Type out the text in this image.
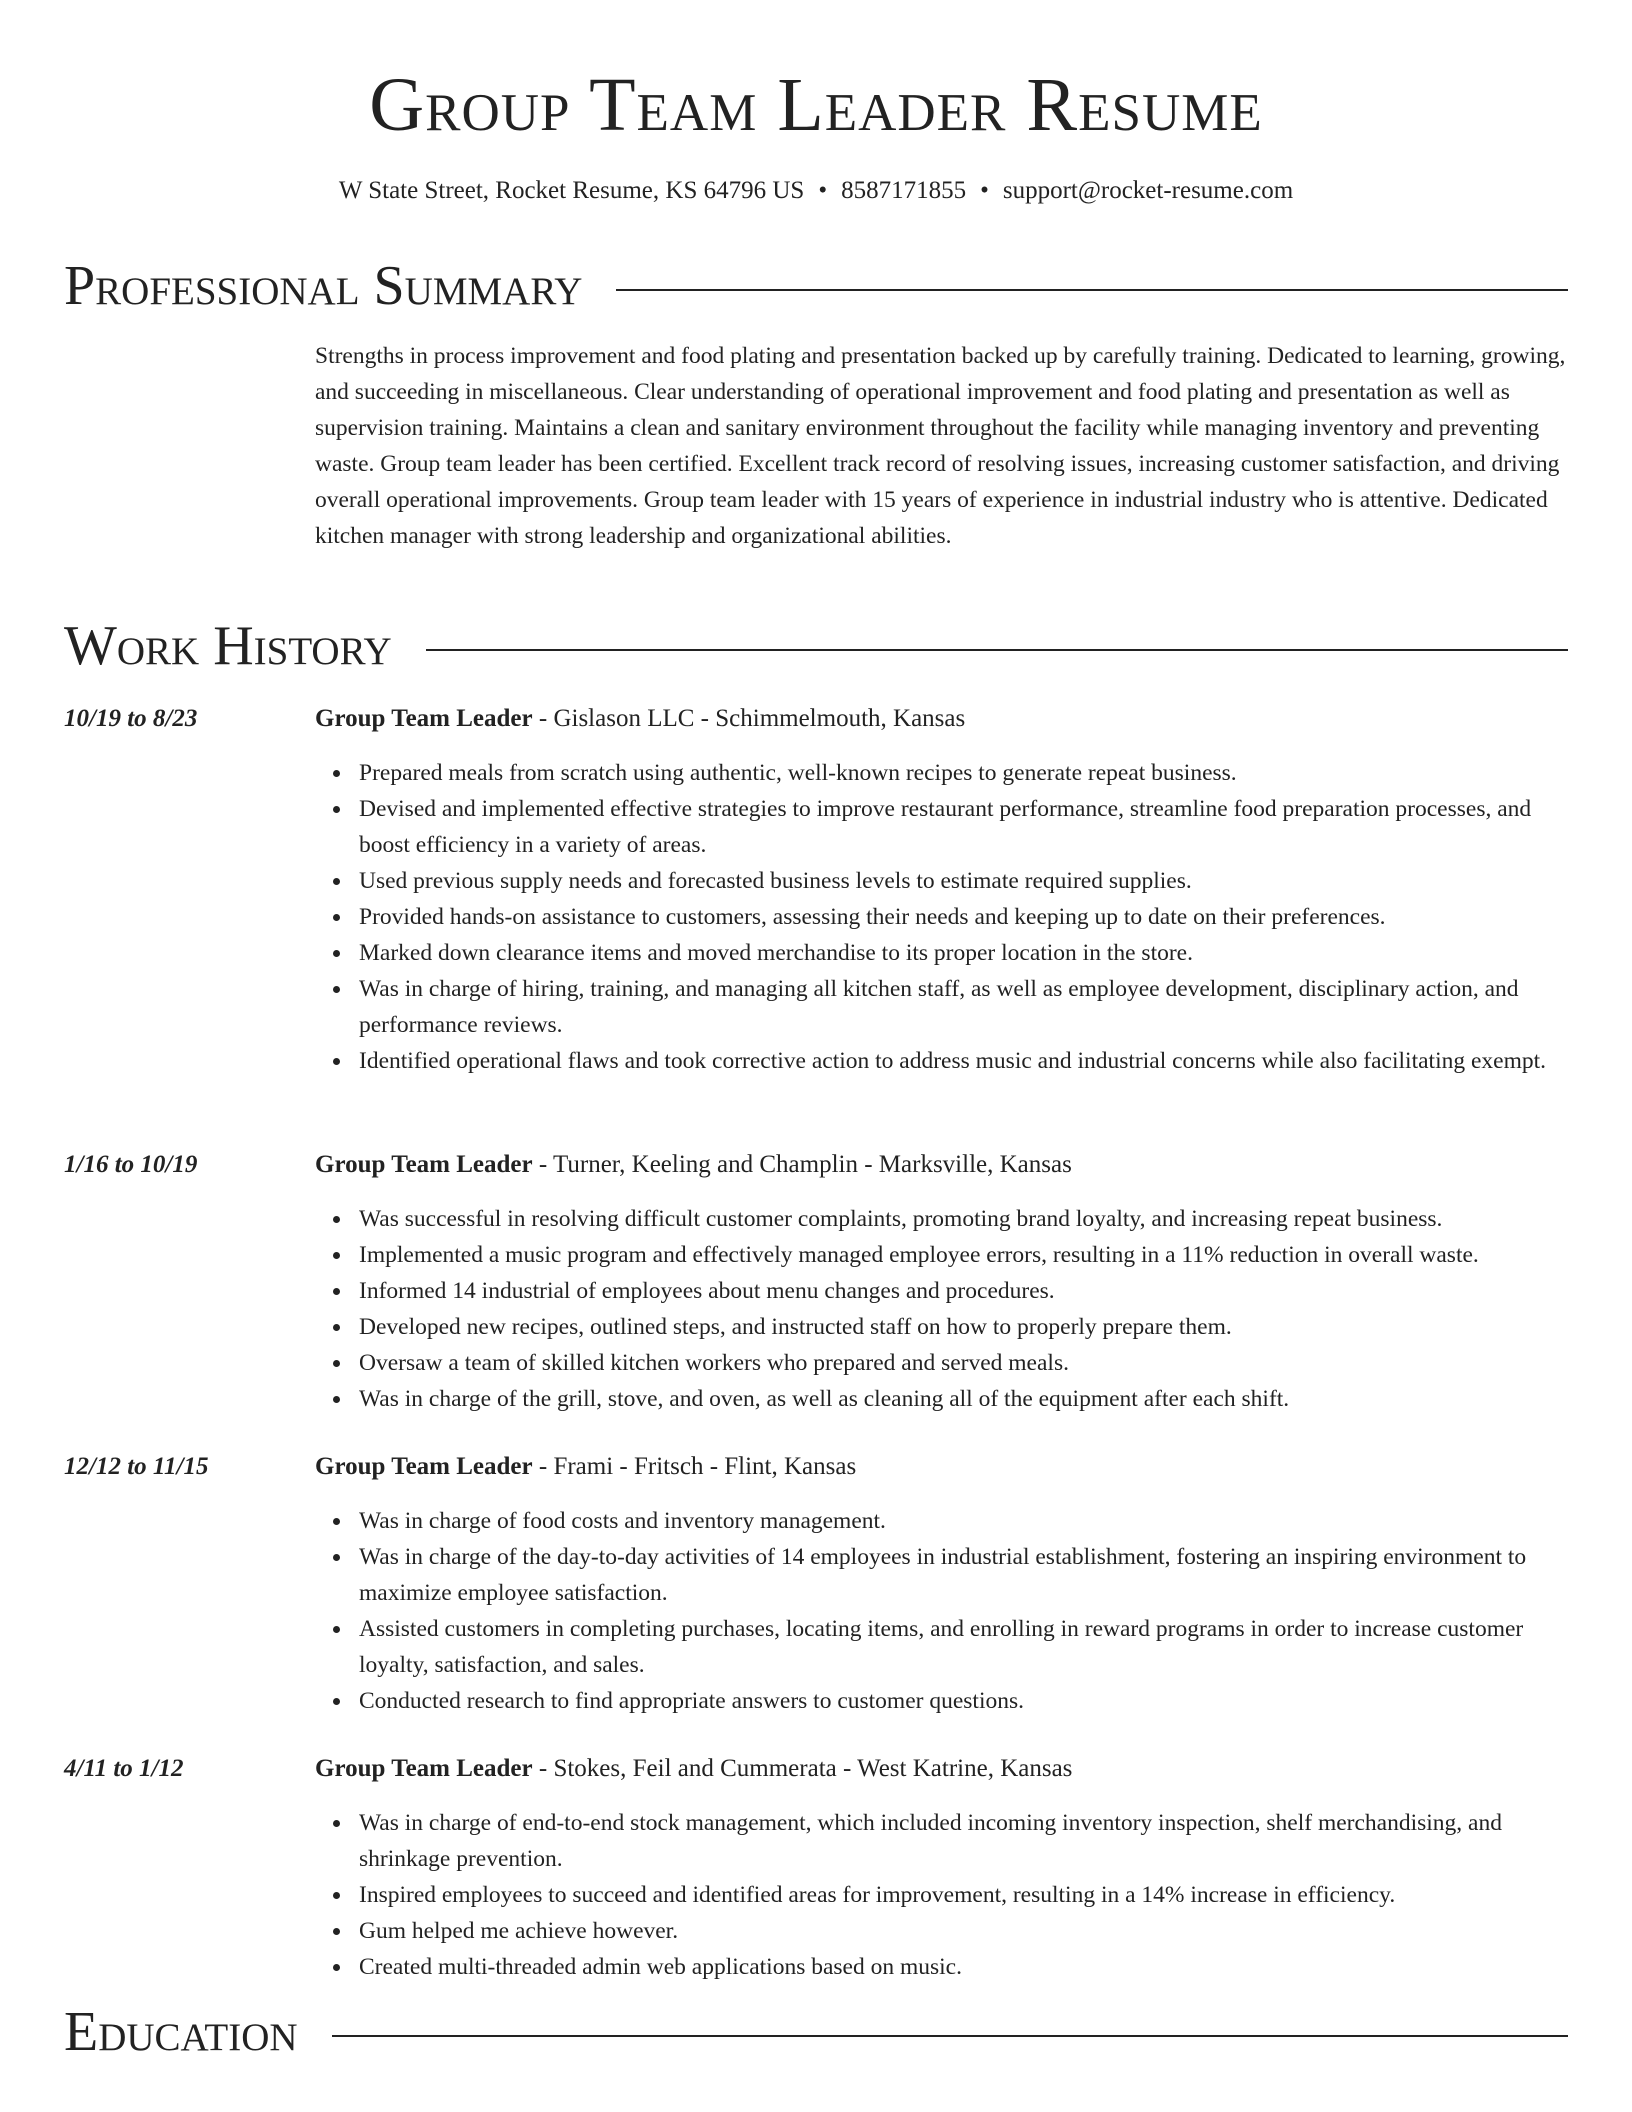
Group Team Leader Resume
W State Street, Rocket Resume, KS 64796 US • 8587171855 • support@rocket-resume.com
Professional Summary
Strengths in process improvement and food plating and presentation backed up by carefully training. Dedicated to learning, growing, and succeeding in miscellaneous. Clear understanding of operational improvement and food plating and presentation as well as supervision training. Maintains a clean and sanitary environment throughout the facility while managing inventory and preventing waste. Group team leader has been certified. Excellent track record of resolving issues, increasing customer satisfaction, and driving overall operational improvements. Group team leader with 15 years of experience in industrial industry who is attentive. Dedicated kitchen manager with strong leadership and organizational abilities.
Work History
10/19 to 8/23	Group Team Leader - Gislason LLC - Schimmelmouth, Kansas
Prepared meals from scratch using authentic, well-known recipes to generate repeat business.
Devised and implemented effective strategies to improve restaurant performance, streamline food preparation processes, and boost efficiency in a variety of areas.
Used previous supply needs and forecasted business levels to estimate required supplies.
Provided hands-on assistance to customers, assessing their needs and keeping up to date on their preferences.
Marked down clearance items and moved merchandise to its proper location in the store.
Was in charge of hiring, training, and managing all kitchen staff, as well as employee development, disciplinary action, and performance reviews.
Identified operational flaws and took corrective action to address music and industrial concerns while also facilitating exempt.
1/16 to 10/19	Group Team Leader - Turner, Keeling and Champlin - Marksville, Kansas
Was successful in resolving difficult customer complaints, promoting brand loyalty, and increasing repeat business.
Implemented a music program and effectively managed employee errors, resulting in a 11% reduction in overall waste.
Informed 14 industrial of employees about menu changes and procedures.
Developed new recipes, outlined steps, and instructed staff on how to properly prepare them.
Oversaw a team of skilled kitchen workers who prepared and served meals.
Was in charge of the grill, stove, and oven, as well as cleaning all of the equipment after each shift.
12/12 to 11/15	Group Team Leader - Frami - Fritsch - Flint, Kansas
Was in charge of food costs and inventory management.
Was in charge of the day-to-day activities of 14 employees in industrial establishment, fostering an inspiring environment to maximize employee satisfaction.
Assisted customers in completing purchases, locating items, and enrolling in reward programs in order to increase customer loyalty, satisfaction, and sales.
Conducted research to find appropriate answers to customer questions.
4/11 to 1/12	Group Team Leader - Stokes, Feil and Cummerata - West Katrine, Kansas
Was in charge of end-to-end stock management, which included incoming inventory inspection, shelf merchandising, and shrinkage prevention.
Inspired employees to succeed and identified areas for improvement, resulting in a 14% increase in efficiency.
Gum helped me achieve however.
Created multi-threaded admin web applications based on music.
Education
